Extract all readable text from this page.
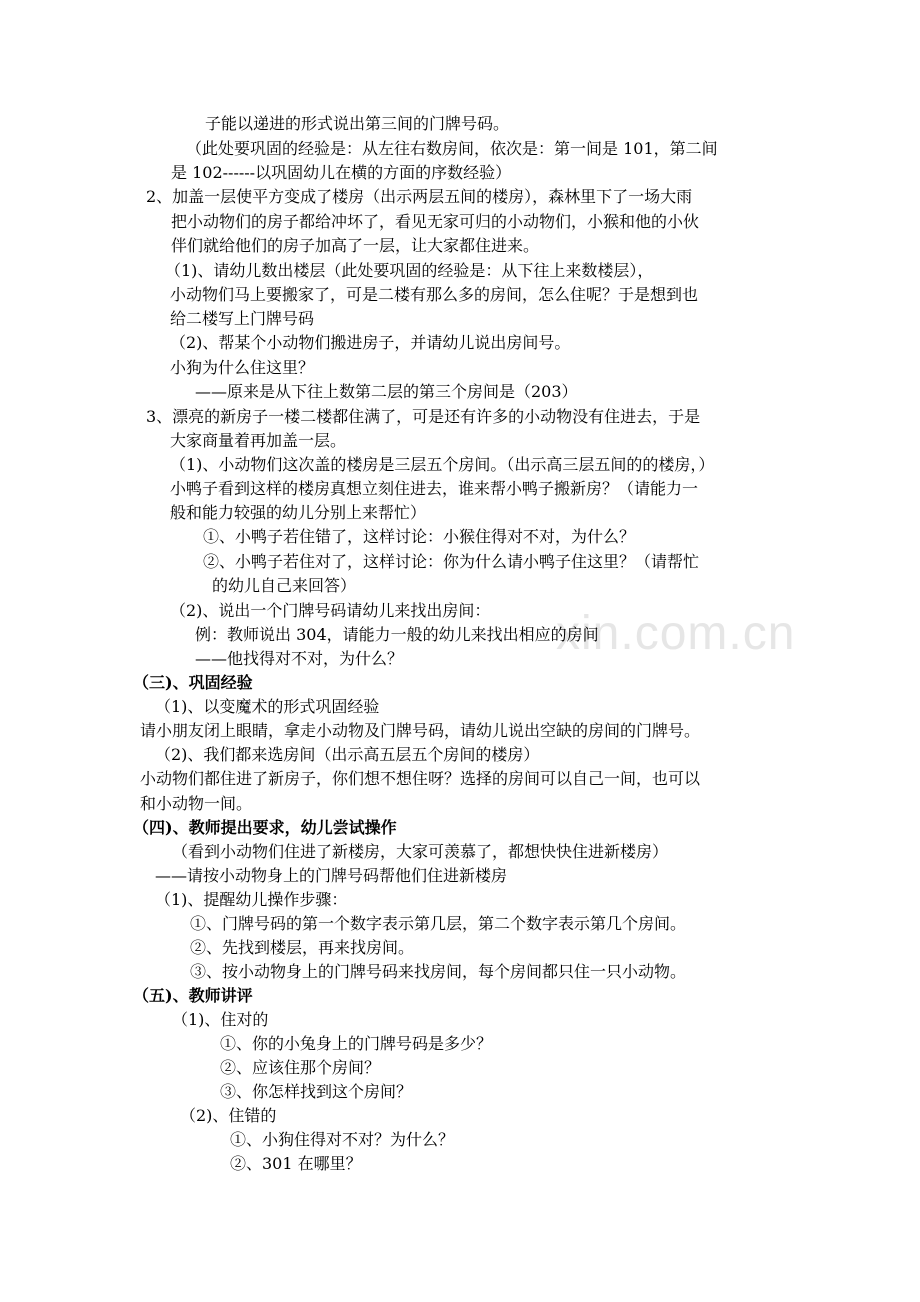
xin.com.cn
子能以递进的形式说出第三间的门牌号码。
（此处要巩固的经验是：从左往右数房间，依次是：第一间是 101，第二间
是 102------以巩固幼儿在横的方面的序数经验）
2、加盖一层使平方变成了楼房（出示两层五间的楼房），森林里下了一场大雨
把小动物们的房子都给冲坏了，看见无家可归的小动物们，小猴和他的小伙
伴们就给他们的房子加高了一层，让大家都住进来。
（1)、请幼儿数出楼层（此处要巩固的经验是：从下往上来数楼层），
小动物们马上要搬家了，可是二楼有那么多的房间，怎么住呢？于是想到也
给二楼写上门牌号码
（2)、帮某个小动物们搬进房子，并请幼儿说出房间号。
小狗为什么住这里？
——原来是从下往上数第二层的第三个房间是（203）
3、漂亮的新房子一楼二楼都住满了，可是还有许多的小动物没有住进去，于是
大家商量着再加盖一层。
（1)、小动物们这次盖的楼房是三层五个房间。（出示高三层五间的的楼房，）
小鸭子看到这样的楼房真想立刻住进去，谁来帮小鸭子搬新房？（请能力一
般和能力较强的幼儿分别上来帮忙）
①、小鸭子若住错了，这样讨论：小猴住得对不对，为什么？
②、小鸭子若住对了，这样讨论：你为什么请小鸭子住这里？（请帮忙
的幼儿自己来回答）
（2)、说出一个门牌号码请幼儿来找出房间：
例：教师说出 304，请能力一般的幼儿来找出相应的房间
——他找得对不对，为什么？
（三)、巩固经验
（1)、以变魔术的形式巩固经验
请小朋友闭上眼睛，拿走小动物及门牌号码，请幼儿说出空缺的房间的门牌号。
（2)、我们都来选房间（出示高五层五个房间的楼房）
小动物们都住进了新房子，你们想不想住呀？选择的房间可以自己一间，也可以
和小动物一间。
（四)、教师提出要求，幼儿尝试操作
（看到小动物们住进了新楼房，大家可羡慕了，都想快快住进新楼房）
——请按小动物身上的门牌号码帮他们住进新楼房
（1)、提醒幼儿操作步骤：
①、门牌号码的第一个数字表示第几层，第二个数字表示第几个房间。
②、先找到楼层，再来找房间。
③、按小动物身上的门牌号码来找房间，每个房间都只住一只小动物。
（五)、教师讲评
（1)、住对的
①、你的小兔身上的门牌号码是多少？
②、应该住那个房间？
③、你怎样找到这个房间？
（2)、住错的
①、小狗住得对不对？为什么？
②、301 在哪里？
